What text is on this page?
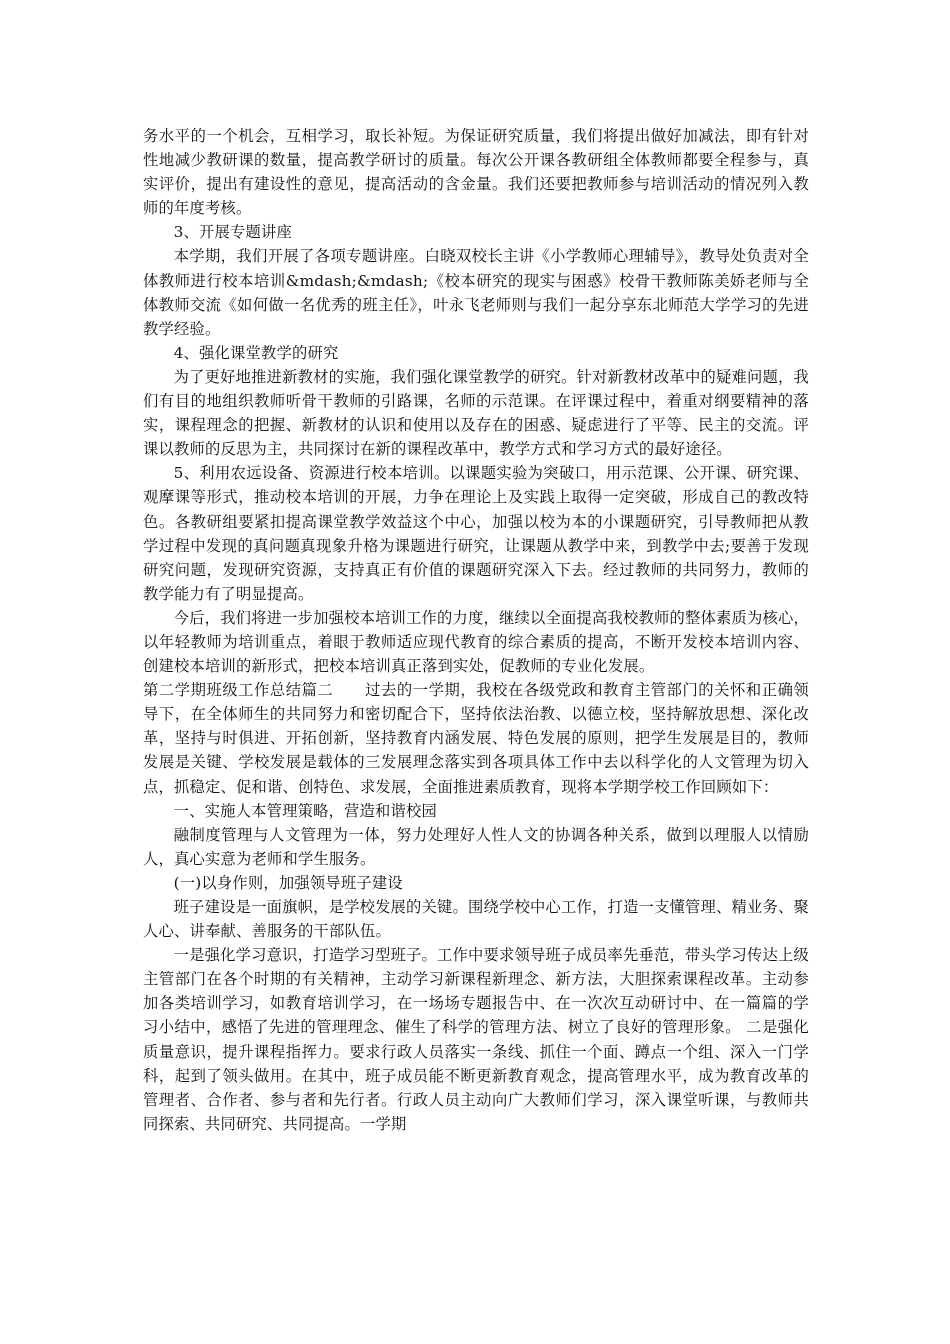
务水平的一个机会，互相学习，取长补短。为保证研究质量，我们将提出做好加减法，即有针对性地减少教研课的数量，提高教学研讨的质量。每次公开课各教研组全体教师都要全程参与，真实评价，提出有建设性的意见，提高活动的含金量。我们还要把教师参与培训活动的情况列入教师的年度考核。

3、开展专题讲座

本学期，我们开展了各项专题讲座。白晓双校长主讲《小学教师心理辅导》，教导处负责对全体教师进行校本培训&mdash;&mdash;《校本研究的现实与困惑》校骨干教师陈美娇老师与全体教师交流《如何做一名优秀的班主任》，叶永飞老师则与我们一起分享东北师范大学学习的先进教学经验。

4、强化课堂教学的研究

为了更好地推进新教材的实施，我们强化课堂教学的研究。针对新教材改革中的疑难问题，我们有目的地组织教师听骨干教师的引路课，名师的示范课。在评课过程中，着重对纲要精神的落实，课程理念的把握、新教材的认识和使用以及存在的困惑、疑虑进行了平等、民主的交流。评课以教师的反思为主，共同探讨在新的课程改革中，教学方式和学习方式的最好途径。

5、利用农远设备、资源进行校本培训。以课题实验为突破口，用示范课、公开课、研究课、观摩课等形式，推动校本培训的开展，力争在理论上及实践上取得一定突破，形成自己的教改特色。各教研组要紧扣提高课堂教学效益这个中心，加强以校为本的小课题研究，引导教师把从教学过程中发现的真问题真现象升格为课题进行研究，让课题从教学中来，到教学中去;要善于发现研究问题，发现研究资源，支持真正有价值的课题研究深入下去。经过教师的共同努力，教师的教学能力有了明显提高。

今后，我们将进一步加强校本培训工作的力度，继续以全面提高我校教师的整体素质为核心，以年轻教师为培训重点，着眼于教师适应现代教育的综合素质的提高，不断开发校本培训内容、创建校本培训的新形式，把校本培训真正落到实处，促教师的专业化发展。

第二学期班级工作总结篇二　　过去的一学期，我校在各级党政和教育主管部门的关怀和正确领导下，在全体师生的共同努力和密切配合下，坚持依法治教、以德立校，坚持解放思想、深化改革，坚持与时俱进、开拓创新，坚持教育内涵发展、特色发展的原则，把学生发展是目的，教师发展是关键、学校发展是载体的三发展理念落实到各项具体工作中去以科学化的人文管理为切入点，抓稳定、促和谐、创特色、求发展，全面推进素质教育，现将本学期学校工作回顾如下：

一、实施人本管理策略，营造和谐校园

融制度管理与人文管理为一体，努力处理好人性人文的协调各种关系，做到以理服人以情励人，真心实意为老师和学生服务。

(一)以身作则，加强领导班子建设

班子建设是一面旗帜，是学校发展的关键。围绕学校中心工作，打造一支懂管理、精业务、聚人心、讲奉献、善服务的干部队伍。

一是强化学习意识，打造学习型班子。工作中要求领导班子成员率先垂范，带头学习传达上级主管部门在各个时期的有关精神，主动学习新课程新理念、新方法，大胆探索课程改革。主动参加各类培训学习，如教育培训学习，在一场场专题报告中、在一次次互动研讨中、在一篇篇的学习小结中，感悟了先进的管理理念、催生了科学的管理方法、树立了良好的管理形象。 二是强化质量意识，提升课程指挥力。要求行政人员落实一条线、抓住一个面、蹲点一个组、深入一门学科，起到了领头做用。在其中，班子成员能不断更新教育观念，提高管理水平，成为教育改革的管理者、合作者、参与者和先行者。行政人员主动向广大教师们学习，深入课堂听课，与教师共同探索、共同研究、共同提高。一学期
